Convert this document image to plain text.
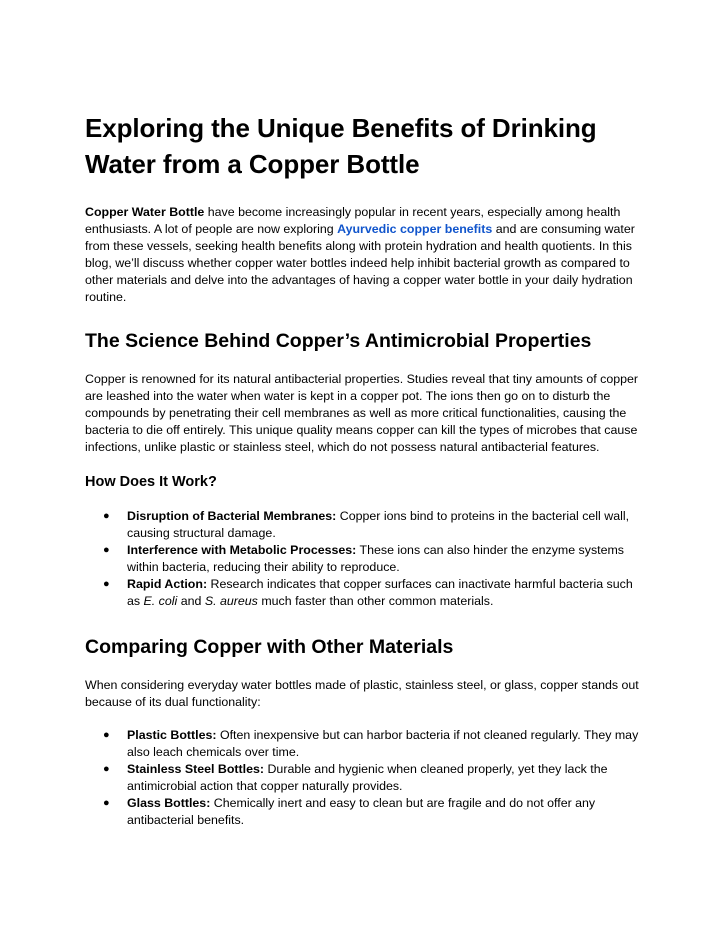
Exploring the Unique Benefits of Drinking Water from a Copper Bottle

Copper Water Bottle have become increasingly popular in recent years, especially among health enthusiasts. A lot of people are now exploring Ayurvedic copper benefits and are consuming water from these vessels, seeking health benefits along with protein hydration and health quotients. In this blog, we’ll discuss whether copper water bottles indeed help inhibit bacterial growth as compared to other materials and delve into the advantages of having a copper water bottle in your daily hydration routine.

The Science Behind Copper’s Antimicrobial Properties

Copper is renowned for its natural antibacterial properties. Studies reveal that tiny amounts of copper are leashed into the water when water is kept in a copper pot. The ions then go on to disturb the compounds by penetrating their cell membranes as well as more critical functionalities, causing the bacteria to die off entirely. This unique quality means copper can kill the types of microbes that cause infections, unlike plastic or stainless steel, which do not possess natural antibacterial features.

How Does It Work?
● Disruption of Bacterial Membranes: Copper ions bind to proteins in the bacterial cell wall, causing structural damage.
● Interference with Metabolic Processes: These ions can also hinder the enzyme systems within bacteria, reducing their ability to reproduce.
● Rapid Action: Research indicates that copper surfaces can inactivate harmful bacteria such as E. coli and S. aureus much faster than other common materials.
Comparing Copper with Other Materials

When considering everyday water bottles made of plastic, stainless steel, or glass, copper stands out because of its dual functionality:

● Plastic Bottles: Often inexpensive but can harbor bacteria if not cleaned regularly. They may also leach chemicals over time.
● Stainless Steel Bottles: Durable and hygienic when cleaned properly, yet they lack the antimicrobial action that copper naturally provides.
● Glass Bottles: Chemically inert and easy to clean but are fragile and do not offer any antibacterial benefits.
